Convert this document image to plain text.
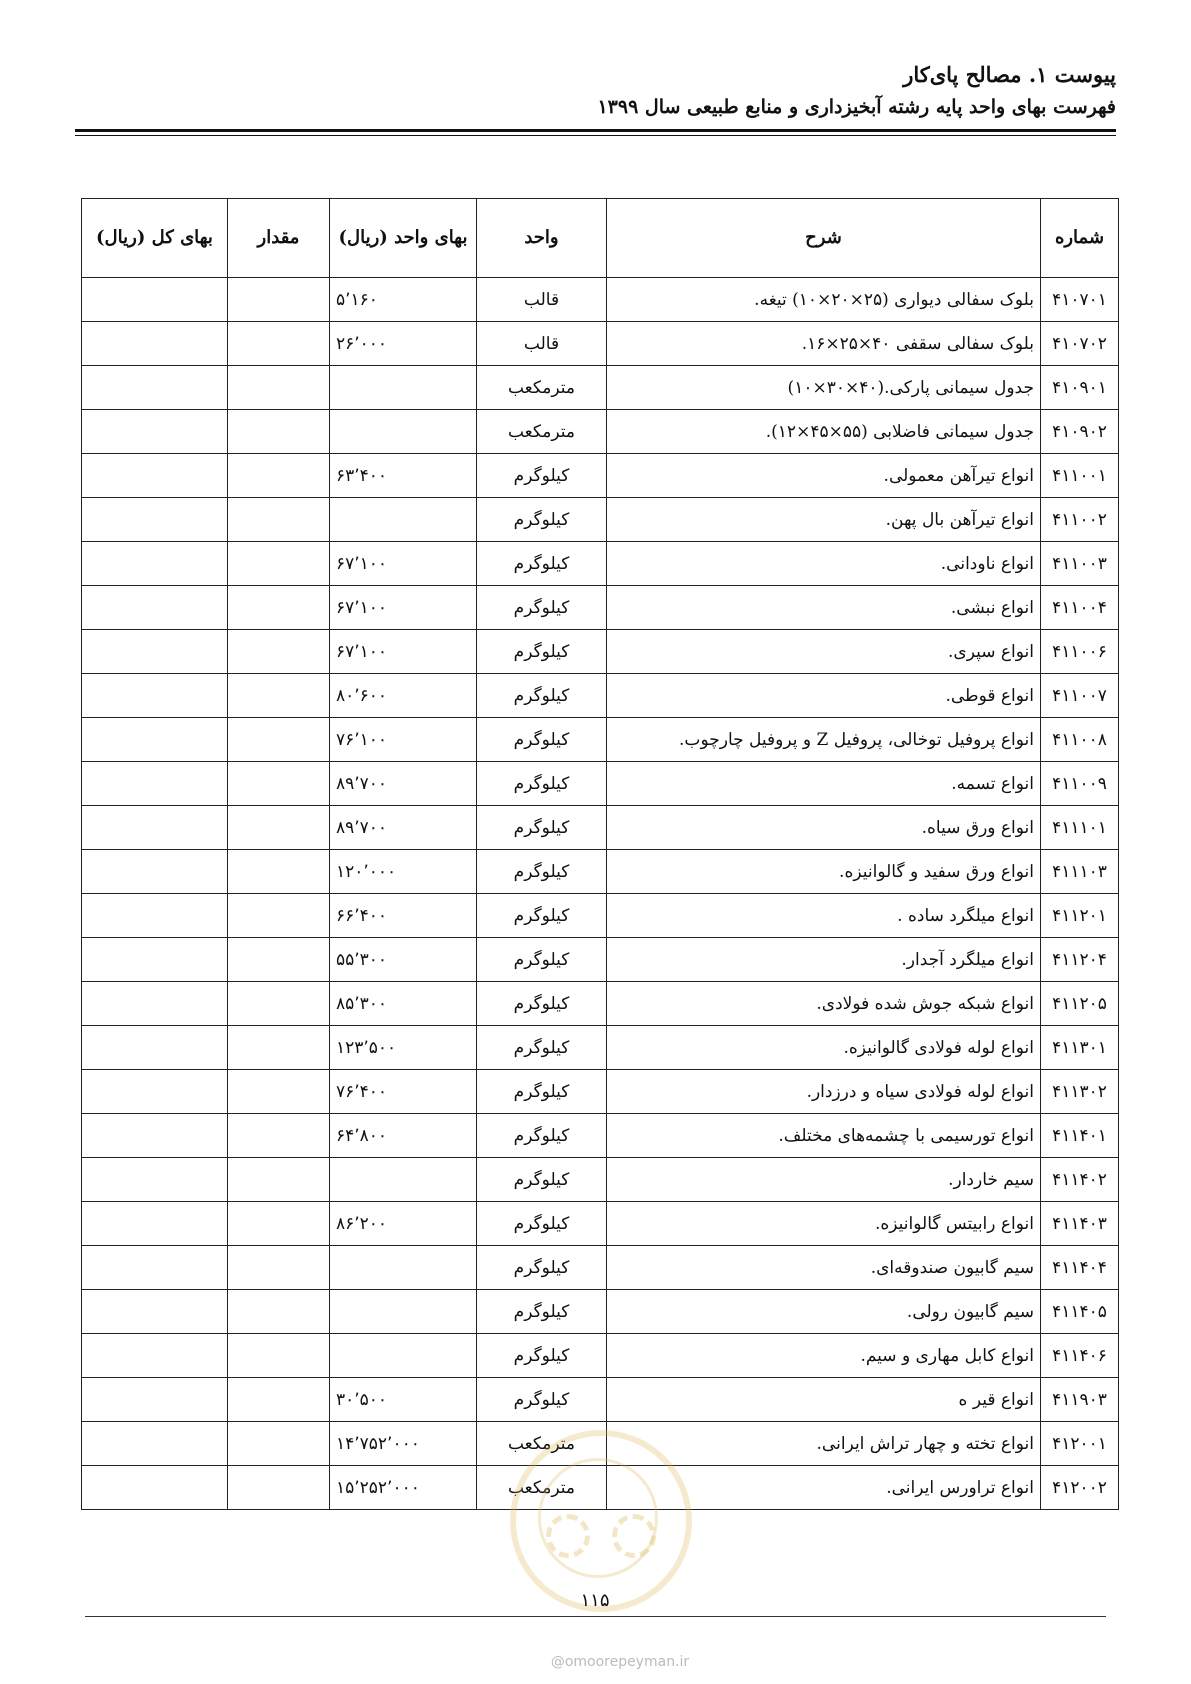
پیوست ۱. مصالح پای‌کار
فهرست بهای واحد پایه رشته آبخیزداری و منابع طبیعی سال ۱۳۹۹
شماره	شرح	واحد	بهای واحد (ریال)	مقدار	بهای کل (ریال)
۴۱۰۷۰۱	بلوک سفالی دیواری (۲۵×۲۰×۱۰) تیغه.	قالب	۵٬۱۶۰		
۴۱۰۷۰۲	بلوک سفالی سقفی ۴۰×۲۵×۱۶.	قالب	۲۶٬۰۰۰		
۴۱۰۹۰۱	جدول سیمانی پارکی.(۴۰×۳۰×۱۰)	مترمکعب			
۴۱۰۹۰۲	جدول سیمانی فاضلابی (۵۵×۴۵×۱۲).	مترمکعب			
۴۱۱۰۰۱	انواع تیرآهن معمولی.	کیلوگرم	۶۳٬۴۰۰		
۴۱۱۰۰۲	انواع تیرآهن بال پهن.	کیلوگرم			
۴۱۱۰۰۳	انواع ناودانی.	کیلوگرم	۶۷٬۱۰۰		
۴۱۱۰۰۴	انواع نبشی.	کیلوگرم	۶۷٬۱۰۰		
۴۱۱۰۰۶	انواع سپری.	کیلوگرم	۶۷٬۱۰۰		
۴۱۱۰۰۷	انواع قوطی.	کیلوگرم	۸۰٬۶۰۰		
۴۱۱۰۰۸	انواع پروفیل توخالی، پروفیل Z و پروفیل چارچوب.	کیلوگرم	۷۶٬۱۰۰		
۴۱۱۰۰۹	انواع تسمه.	کیلوگرم	۸۹٬۷۰۰		
۴۱۱۱۰۱	انواع ورق سیاه.	کیلوگرم	۸۹٬۷۰۰		
۴۱۱۱۰۳	انواع ورق سفید و گالوانیزه.	کیلوگرم	۱۲۰٬۰۰۰		
۴۱۱۲۰۱	انواع میلگرد ساده .	کیلوگرم	۶۶٬۴۰۰		
۴۱۱۲۰۴	انواع میلگرد آجدار.	کیلوگرم	۵۵٬۳۰۰		
۴۱۱۲۰۵	انواع شبکه جوش شده فولادی.	کیلوگرم	۸۵٬۳۰۰		
۴۱۱۳۰۱	انواع لوله فولادی گالوانیزه.	کیلوگرم	۱۲۳٬۵۰۰		
۴۱۱۳۰۲	انواع لوله فولادی سیاه و درزدار.	کیلوگرم	۷۶٬۴۰۰		
۴۱۱۴۰۱	انواع تورسیمی با چشمه‌های مختلف.	کیلوگرم	۶۴٬۸۰۰		
۴۱۱۴۰۲	سیم خاردار.	کیلوگرم			
۴۱۱۴۰۳	انواع رابیتس گالوانیزه.	کیلوگرم	۸۶٬۲۰۰		
۴۱۱۴۰۴	سیم گابیون صندوقه‌ای.	کیلوگرم			
۴۱۱۴۰۵	سیم گابیون رولی.	کیلوگرم			
۴۱۱۴۰۶	انواع کابل مهاری و سیم.	کیلوگرم			
۴۱۱۹۰۳	انواع قیر ه	کیلوگرم	۳۰٬۵۰۰		
۴۱۲۰۰۱	انواع تخته و چهار تراش ایرانی.	مترمکعب	۱۴٬۷۵۲٬۰۰۰		
۴۱۲۰۰۲	انواع تراورس ایرانی.	مترمکعب	۱۵٬۲۵۲٬۰۰۰		
۱۱۵
@omoorepeyman.ir
